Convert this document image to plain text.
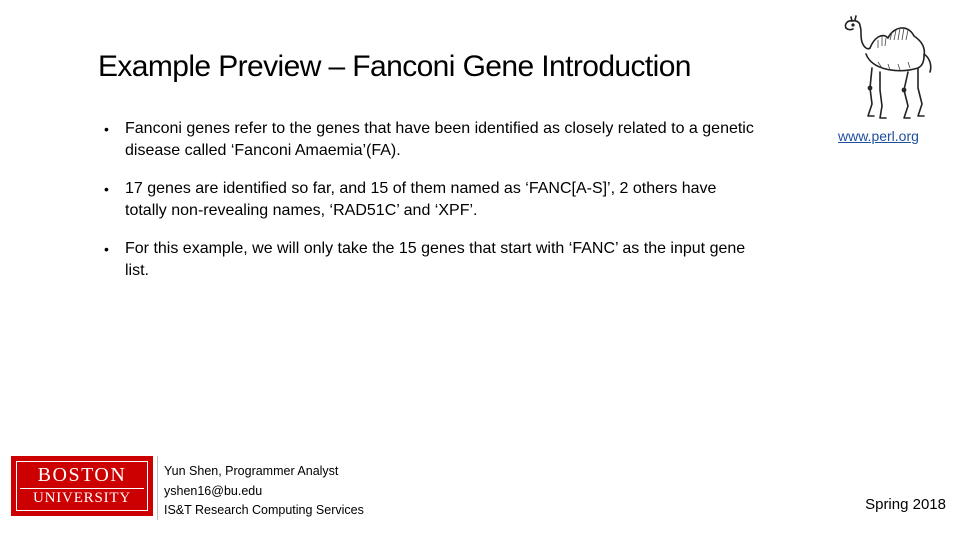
Example Preview – Fanconi Gene Introduction
• Fanconi genes refer to the genes that have been identified as closely related to a genetic disease called ‘Fanconi Amaemia’(FA).
• 17 genes are identified so far, and 15 of them named as ‘FANC[A-S]’, 2 others have totally non-revealing names, ‘RAD51C’ and ‘XPF’.
• For this example, we will only take the 15 genes that start with ‘FANC’ as the input gene list.
www.perl.org
BOSTON
UNIVERSITY
Yun Shen, Programmer Analyst
yshen16@bu.edu
IS&T Research Computing Services	Spring 2018
